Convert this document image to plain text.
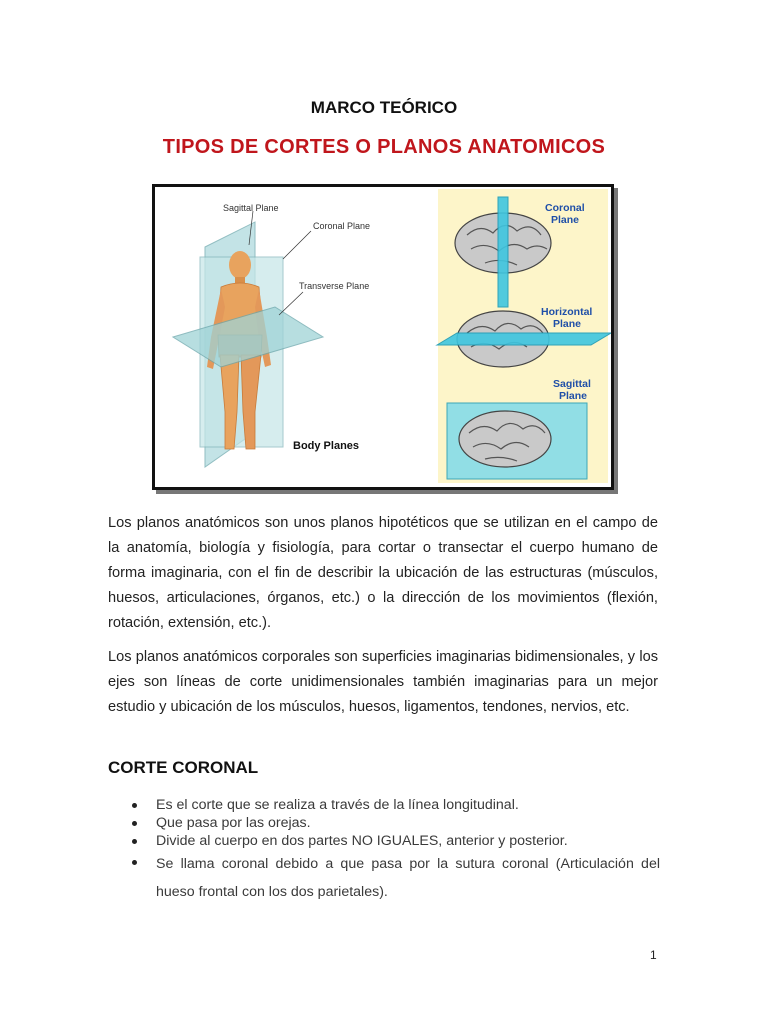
MARCO TEÓRICO
TIPOS DE CORTES O PLANOS ANATOMICOS
Sagittal Plane
Coronal Plane
Transverse Plane
Body Planes
Coronal
Plane
Horizontal
Plane
Sagittal
Plane

Los planos anatómicos son unos planos hipotéticos que se utilizan en el campo de la anatomía, biología y fisiología, para cortar o transectar el cuerpo humano de forma imaginaria, con el fin de describir la ubicación de las estructuras (músculos, huesos, articulaciones, órganos, etc.) o la dirección de los movimientos (flexión, rotación, extensión, etc.).

Los planos anatómicos corporales son superficies imaginarias bidimensionales, y los ejes son líneas de corte unidimensionales también imaginarias para un mejor estudio y ubicación de los músculos, huesos, ligamentos, tendones, nervios, etc.

CORTE CORONAL
Es el corte que se realiza a través de la línea longitudinal.
Que pasa por las orejas.
Divide al cuerpo en dos partes NO IGUALES, anterior y posterior.
Se llama coronal debido a que pasa por la sutura coronal (Articulación del hueso frontal con los dos parietales).
1
